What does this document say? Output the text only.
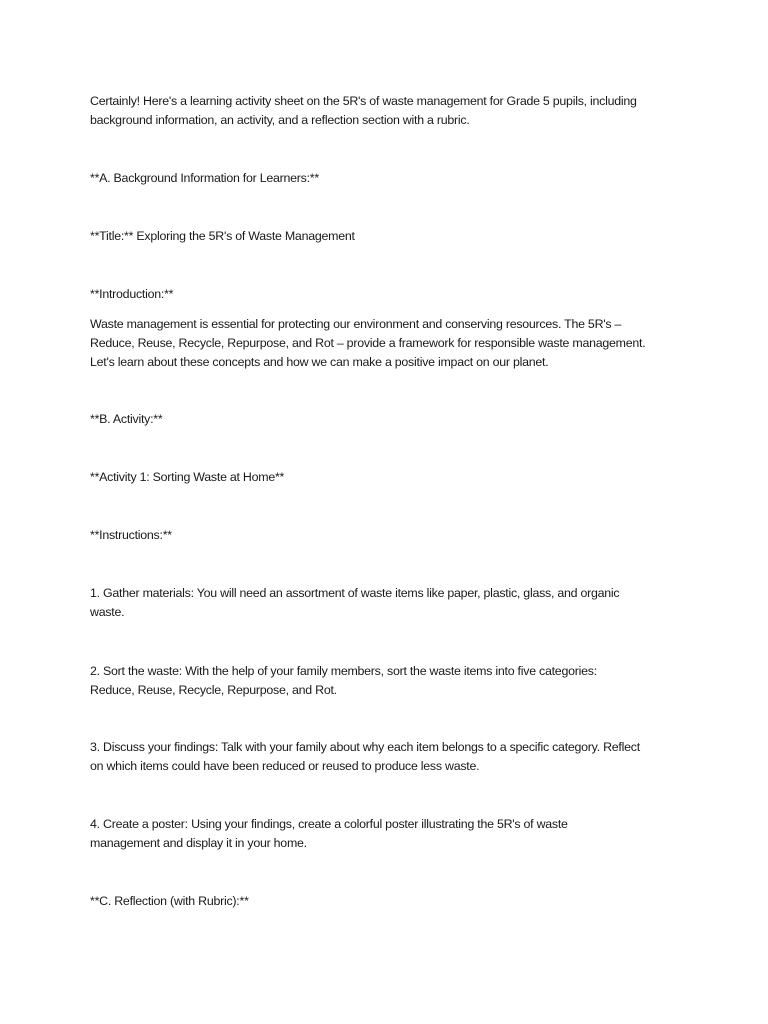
Certainly! Here's a learning activity sheet on the 5R's of waste management for Grade 5 pupils, including
background information, an activity, and a reflection section with a rubric.
**A. Background Information for Learners:**
**Title:** Exploring the 5R's of Waste Management
**Introduction:**
Waste management is essential for protecting our environment and conserving resources. The 5R's –
Reduce, Reuse, Recycle, Repurpose, and Rot – provide a framework for responsible waste management.
Let's learn about these concepts and how we can make a positive impact on our planet.
**B. Activity:**
**Activity 1: Sorting Waste at Home**
**Instructions:**
1. Gather materials: You will need an assortment of waste items like paper, plastic, glass, and organic
waste.
2. Sort the waste: With the help of your family members, sort the waste items into five categories:
Reduce, Reuse, Recycle, Repurpose, and Rot.
3. Discuss your findings: Talk with your family about why each item belongs to a specific category. Reflect
on which items could have been reduced or reused to produce less waste.
4. Create a poster: Using your findings, create a colorful poster illustrating the 5R's of waste
management and display it in your home.
**C. Reflection (with Rubric):**
